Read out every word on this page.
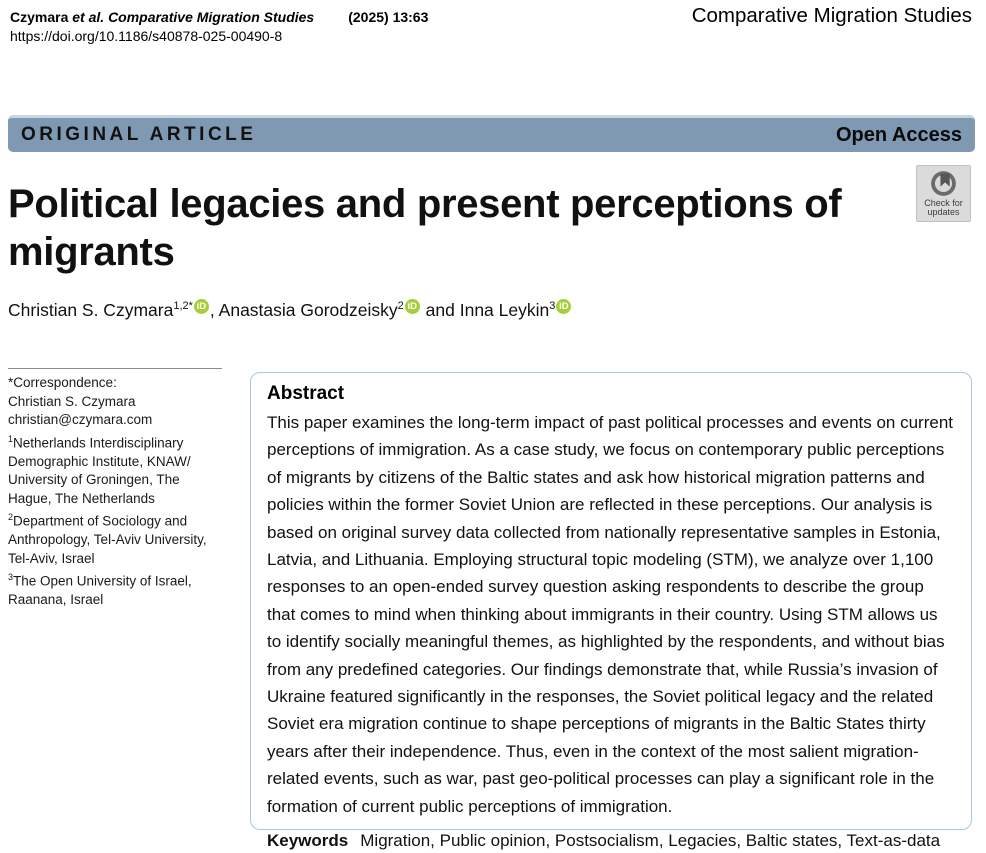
Czymara et al. Comparative Migration Studies (2025) 13:63
https://doi.org/10.1186/s40878-025-00490-8
Comparative Migration Studies
ORIGINAL ARTICLE	Open Access
Political legacies and present perceptions of migrants
Check for
updates
Christian S. Czymara$^{1,2*}$ iD , Anastasia Gorodzeisky$^2$ iD and Inna Leykin$^3$ iD
*Correspondence:
Christian S. Czymara
christian@czymara.com
$^1$Netherlands Interdisciplinary Demographic Institute, KNAW/​University of Groningen, The Hague, The Netherlands
$^2$Department of Sociology and Anthropology, Tel-Aviv University, Tel-Aviv, Israel
$^3$The Open University of Israel, Raanana, Israel
Abstract

This paper examines the long-term impact of past political processes and events on current perceptions of immigration. As a case study, we focus on contemporary public perceptions of migrants by citizens of the Baltic states and ask how historical migration patterns and policies within the former Soviet Union are reflected in these perceptions. Our analysis is based on original survey data collected from nationally representative samples in Estonia, Latvia, and Lithuania. Employing structural topic modeling (STM), we analyze over 1,100 responses to an open-ended survey question asking respondents to describe the group that comes to mind when thinking about immigrants in their country. Using STM allows us to identify socially meaningful themes, as highlighted by the respondents, and without bias from any predefined categories. Our findings demonstrate that, while Russia’s invasion of Ukraine featured significantly in the responses, the Soviet political legacy and the related Soviet era migration continue to shape perceptions of migrants in the Baltic States thirty years after their independence. Thus, even in the context of the most salient migration-related events, such as war, past geo-political processes can play a significant role in the formation of current public perceptions of immigration.

Keywords Migration, Public opinion, Postsocialism, Legacies, Baltic states, Text-as-data
